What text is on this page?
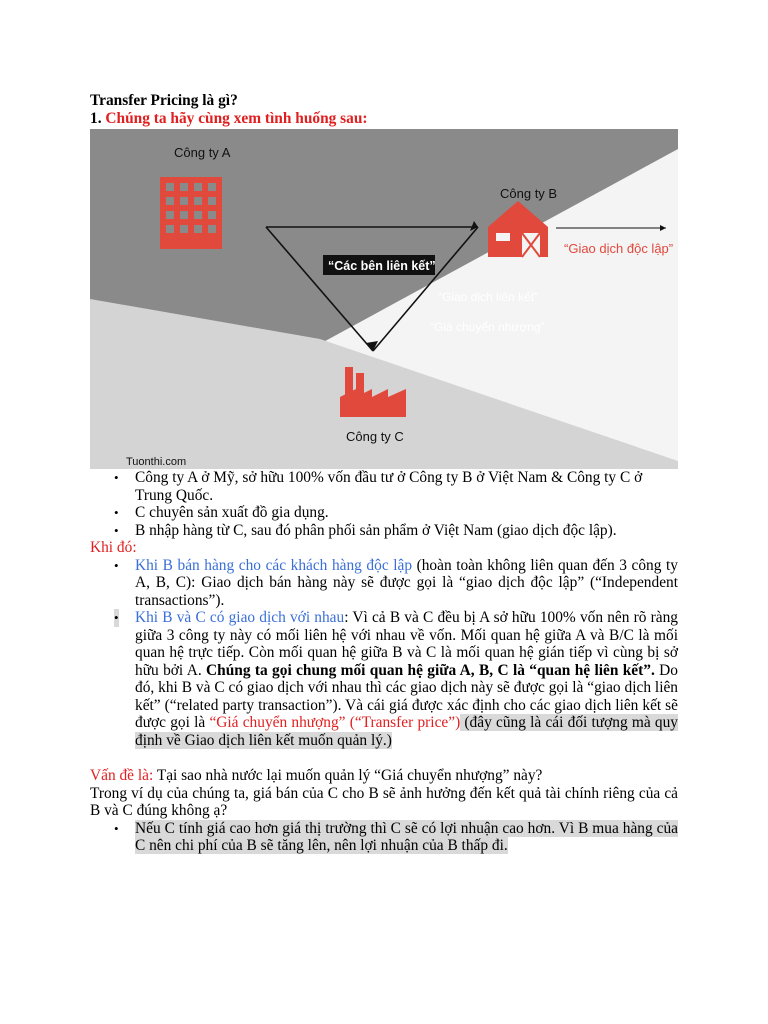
Transfer Pricing là gì?

1. Chúng ta hãy cùng xem tình huống sau:

Công ty A
Công ty B
Công ty C
“Các bên liên kết”
“Giao dịch độc lập”
“Giao dịch liên kết”
“Giá chuyển nhượng”
Tuonthi.com
• Công ty A ở Mỹ, sở hữu 100% vốn đầu tư ở Công ty B ở Việt Nam & Công ty C ở Trung Quốc.
• C chuyên sản xuất đồ gia dụng.
• B nhập hàng từ C, sau đó phân phối sản phẩm ở Việt Nam (giao dịch độc lập).

Khi đó:

• Khi B bán hàng cho các khách hàng độc lập (hoàn toàn không liên quan đến 3 công ty A, B, C): Giao dịch bán hàng này sẽ được gọi là “giao dịch độc lập” (“Independent transactions”).
• Khi B và C có giao dịch với nhau: Vì cả B và C đều bị A sở hữu 100% vốn nên rõ ràng giữa 3 công ty này có mối liên hệ với nhau về vốn. Mối quan hệ giữa A và B/C là mối quan hệ trực tiếp. Còn mối quan hệ giữa B và C là mối quan hệ gián tiếp vì cùng bị sở hữu bởi A. Chúng ta gọi chung mối quan hệ giữa A, B, C là “quan hệ liên kết”. Do đó, khi B và C có giao dịch với nhau thì các giao dịch này sẽ được gọi là “giao dịch liên kết” (“related party transaction”). Và cái giá được xác định cho các giao dịch liên kết sẽ được gọi là “Giá chuyển nhượng” (“Transfer price”) (đây cũng là cái đối tượng mà quy định về Giao dịch liên kết muốn quản lý.)

Vấn đề là: Tại sao nhà nước lại muốn quản lý “Giá chuyển nhượng” này?

Trong ví dụ của chúng ta, giá bán của C cho B sẽ ảnh hưởng đến kết quả tài chính riêng của cả B và C đúng không ạ?

• Nếu C tính giá cao hơn giá thị trường thì C sẽ có lợi nhuận cao hơn. Vì B mua hàng của C nên chi phí của B sẽ tăng lên, nên lợi nhuận của B thấp đi.
